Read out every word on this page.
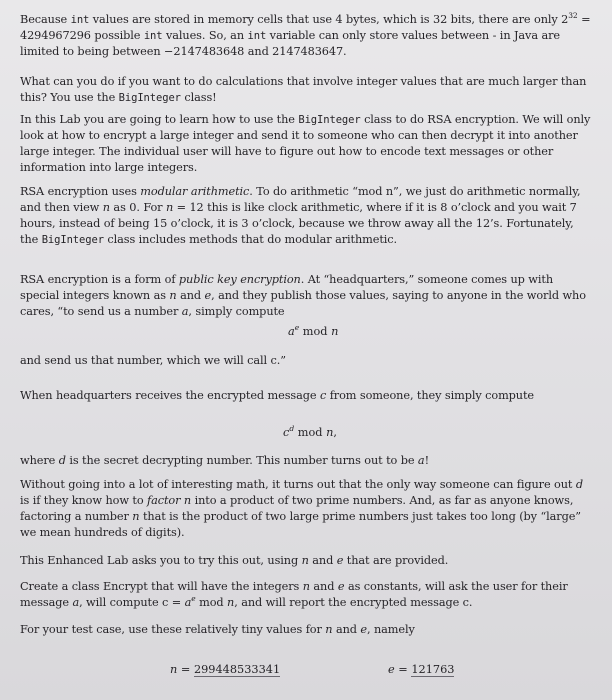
Because int values are stored in memory cells that use 4 bytes, which is 32 bits, there are only $2^{32} = 4294967296$ possible int values. So, an int variable can only store values between - in Java are limited to being between −2147483648 and 2147483647.
What can you do if you want to do calculations that involve integer values that are much larger than this? You use the BigInteger class!
In this Lab you are going to learn how to use the BigInteger class to do RSA encryption. We will only look at how to encrypt a large integer and send it to someone who can then decrypt it into another large integer. The individual user will have to figure out how to encode text messages or other information into large integers.
RSA encryption uses modular arithmetic. To do arithmetic “mod n”, we just do arithmetic normally, and then view n as 0. For n = 12 this is like clock arithmetic, where if it is 8 o’clock and you wait 7 hours, instead of being 15 o’clock, it is 3 o’clock, because we throw away all the 12’s. Fortunately, the BigInteger class includes methods that do modular arithmetic.
RSA encryption is a form of public key encryption. At “headquarters,” someone comes up with special integers known as n and e, and they publish those values, saying to anyone in the world who cares, “to send us a number a, simply compute
$a^e$ mod n
and send us that number, which we will call c.”
When headquarters receives the encrypted message c from someone, they simply compute
$c^d$ mod n,
where d is the secret decrypting number. This number turns out to be a!
Without going into a lot of interesting math, it turns out that the only way someone can figure out d is if they know how to factor n into a product of two prime numbers. And, as far as anyone knows, factoring a number n that is the product of two large prime numbers just takes too long (by “large” we mean hundreds of digits).
This Enhanced Lab asks you to try this out, using n and e that are provided.
Create a class Encrypt that will have the integers n and e as constants, will ask the user for their message a, will compute $c = a^e$ mod n, and will report the encrypted message c.
For your test case, use these relatively tiny values for n and e, namely
n = 299448533341	e = 121763
